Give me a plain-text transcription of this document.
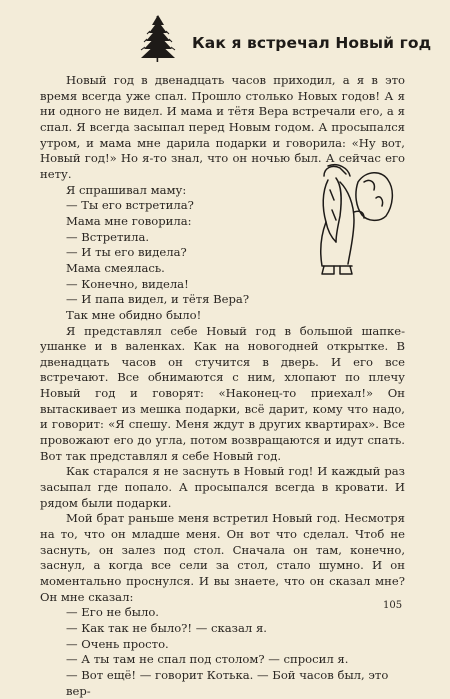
Как я встречал Новый год

Новый год в двенадцать часов приходил, а я в это время всегда уже спал. Прошло столько Новых годов! А я ни одного не видел. И мама и тётя Вера встречали его, а я спал. Я всегда засыпал перед Новым годом. А просыпался утром, и мама мне дарила подарки и говорила: «Ну вот, Новый год!» Но я-то знал, что он ночью был. А сейчас его нету.

Я спрашивал маму:

— Ты его встретила?

Мама мне говорила:

— Встретила.

— И ты его видела?

Мама смеялась.

— Конечно, видела!

— И папа видел, и тётя Вера?

Так мне обидно было!

Я представлял себе Новый год в большой шапке-ушанке и в валенках. Как на новогодней открытке. В двенадцать часов он стучится в дверь. И его все встречают. Все обнимаются с ним, хлопают по плечу Новый год и говорят: «Наконец-то приехал!» Он вытаскивает из мешка подарки, всё дарит, кому что надо, и говорит: «Я спешу. Меня ждут в других квартирах». Все провожают его до угла, потом возвращаются и идут спать. Вот так представлял я себе Новый год.

Как старался я не заснуть в Новый год! И каждый раз засыпал где попало. А просыпался всегда в кровати. И рядом были подарки.

Мой брат раньше меня встретил Новый год. Несмотря на то, что он младше меня. Он вот что сделал. Чтоб не заснуть, он залез под стол. Сначала он там, конечно, заснул, а когда все сели за стол, стало шумно. И он моментально проснулся. И вы знаете, что он сказал мне? Он мне сказал:

— Его не было.

— Как так не было?! — сказал я.

— Очень просто.

— А ты там не спал под столом? — спросил я.

— Вот ещё! — говорит Котька. — Бой часов был, это вер-

105
